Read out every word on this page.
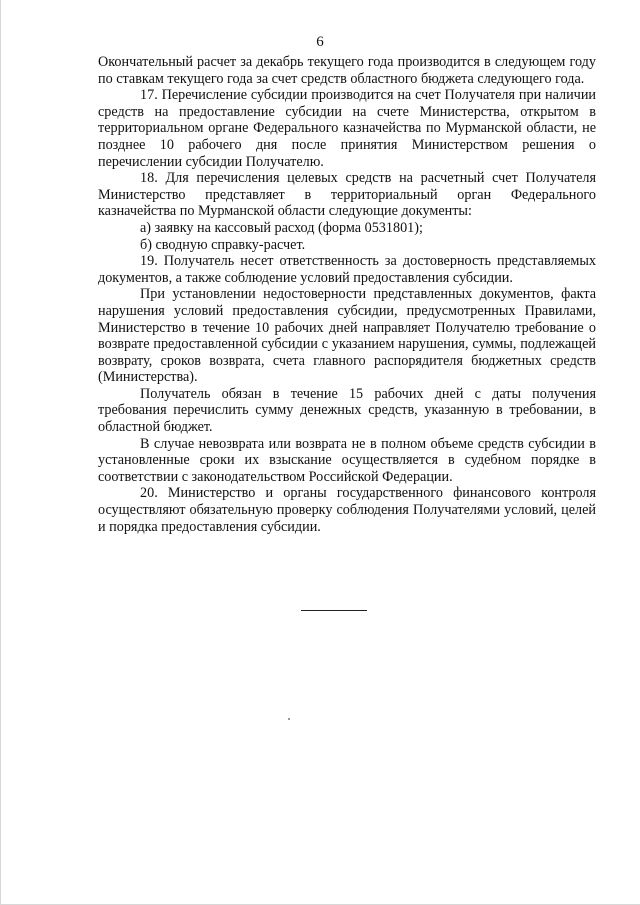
6

Окончательный расчет за декабрь текущего года производится в следующем году по ставкам текущего года за счет средств областного бюджета следующего года.

17. Перечисление субсидии производится на счет Получателя при наличии средств на предоставление субсидии на счете Министерства, открытом в территориальном органе Федерального казначейства по Мурманской области, не позднее 10 рабочего дня после принятия Министерством решения о перечислении субсидии Получателю.

18. Для перечисления целевых средств на расчетный счет Получателя Министерство представляет в территориальный орган Федерального казначейства по Мурманской области следующие документы:

а) заявку на кассовый расход (форма 0531801);

б) сводную справку-расчет.

19. Получатель несет ответственность за достоверность представляемых документов, а также соблюдение условий предоставления субсидии.

При установлении недостоверности представленных документов, факта нарушения условий предоставления субсидии, предусмотренных Правилами, Министерство в течение 10 рабочих дней направляет Получателю требование о возврате предоставленной субсидии с указанием нарушения, суммы, подлежащей возврату, сроков возврата, счета главного распорядителя бюджетных средств (Министерства).

Получатель обязан в течение 15 рабочих дней с даты получения требования перечислить сумму денежных средств, указанную в требовании, в областной бюджет.

В случае невозврата или возврата не в полном объеме средств субсидии в установленные сроки их взыскание осуществляется в судебном порядке в соответствии с законодательством Российской Федерации.

20. Министерство и органы государственного финансового контроля осуществляют обязательную проверку соблюдения Получателями условий, целей и порядка предоставления субсидии.
